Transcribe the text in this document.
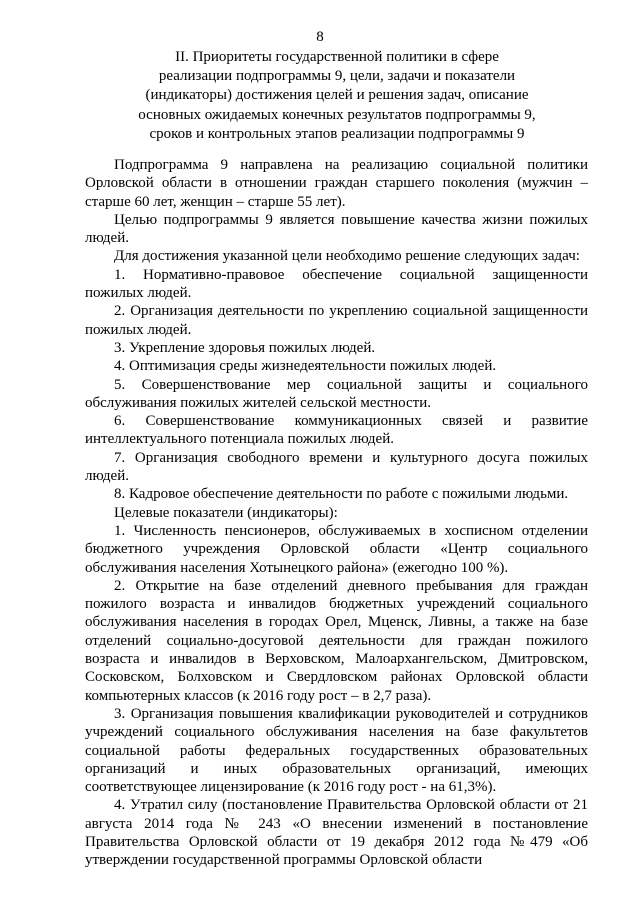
8
II. Приоритеты государственной политики в сфере
реализации подпрограммы 9, цели, задачи и показатели
(индикаторы) достижения целей и решения задач, описание
основных ожидаемых конечных результатов подпрограммы 9,
сроков и контрольных этапов реализации подпрограммы 9

Подпрограмма 9 направлена на реализацию социальной политики Орловской области в отношении граждан старшего поколения (мужчин – старше 60 лет, женщин – старше 55 лет).

Целью подпрограммы 9 является повышение качества жизни пожилых людей.

Для достижения указанной цели необходимо решение следующих задач:

1. Нормативно-правовое обеспечение социальной защищенности пожилых людей.

2. Организация деятельности по укреплению социальной защищенности пожилых людей.

3. Укрепление здоровья пожилых людей.

4. Оптимизация среды жизнедеятельности пожилых людей.

5. Совершенствование мер социальной защиты и социального обслуживания пожилых жителей сельской местности.

6. Совершенствование коммуникационных связей и развитие интеллектуального потенциала пожилых людей.

7. Организация свободного времени и культурного досуга пожилых людей.

8. Кадровое обеспечение деятельности по работе с пожилыми людьми.

Целевые показатели (индикаторы):

1. Численность пенсионеров, обслуживаемых в хосписном отделении бюджетного учреждения Орловской области «Центр социального обслуживания населения Хотынецкого района» (ежегодно 100 %).

2. Открытие на базе отделений дневного пребывания для граждан пожилого возраста и инвалидов бюджетных учреждений социального обслуживания населения в городах Орел, Мценск, Ливны, а также на базе отделений социально-досуговой деятельности для граждан пожилого возраста и инвалидов в Верховском, Малоархангельском, Дмитровском, Сосковском, Болховском и Свердловском районах Орловской области компьютерных классов (к 2016 году рост – в 2,7 раза).

3. Организация повышения квалификации руководителей и сотрудников учреждений социального обслуживания населения на базе факультетов социальной работы федеральных государственных образовательных организаций и иных образовательных организаций, имеющих соответствующее лицензирование (к 2016 году рост - на 61,3%).

4. Утратил силу (постановление Правительства Орловской области от 21 августа 2014 года № 243 «О внесении изменений в постановление Правительства Орловской области от 19 декабря 2012 года №479 «Об утверждении государственной программы Орловской области
